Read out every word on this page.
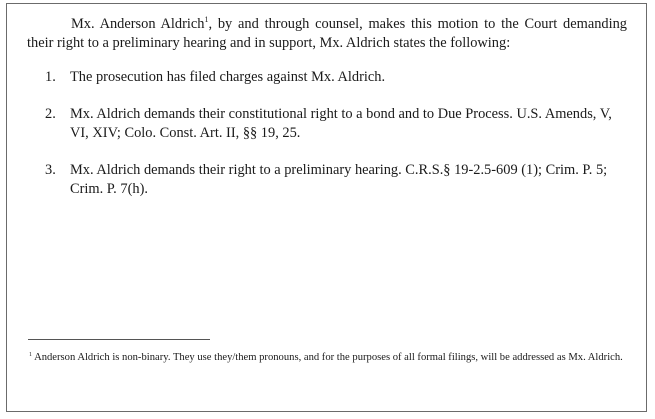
Mx. Anderson Aldrich$^1$, by and through counsel, makes this motion to the Court demanding their right to a preliminary hearing and in support, Mx. Aldrich states the following:

1. The prosecution has filed charges against Mx. Aldrich.
2. Mx. Aldrich demands their constitutional right to a bond and to Due Process. U.S. Amends, V, VI, XIV; Colo. Const. Art. II, §§ 19, 25.
3. Mx. Aldrich demands their right to a preliminary hearing. C.R.S.§ 19-2.5-609 (1); Crim. P. 5; Crim. P. 7(h).

$^1$ Anderson Aldrich is non-binary. They use they/them pronouns, and for the purposes of all formal filings, will be addressed as Mx. Aldrich.
